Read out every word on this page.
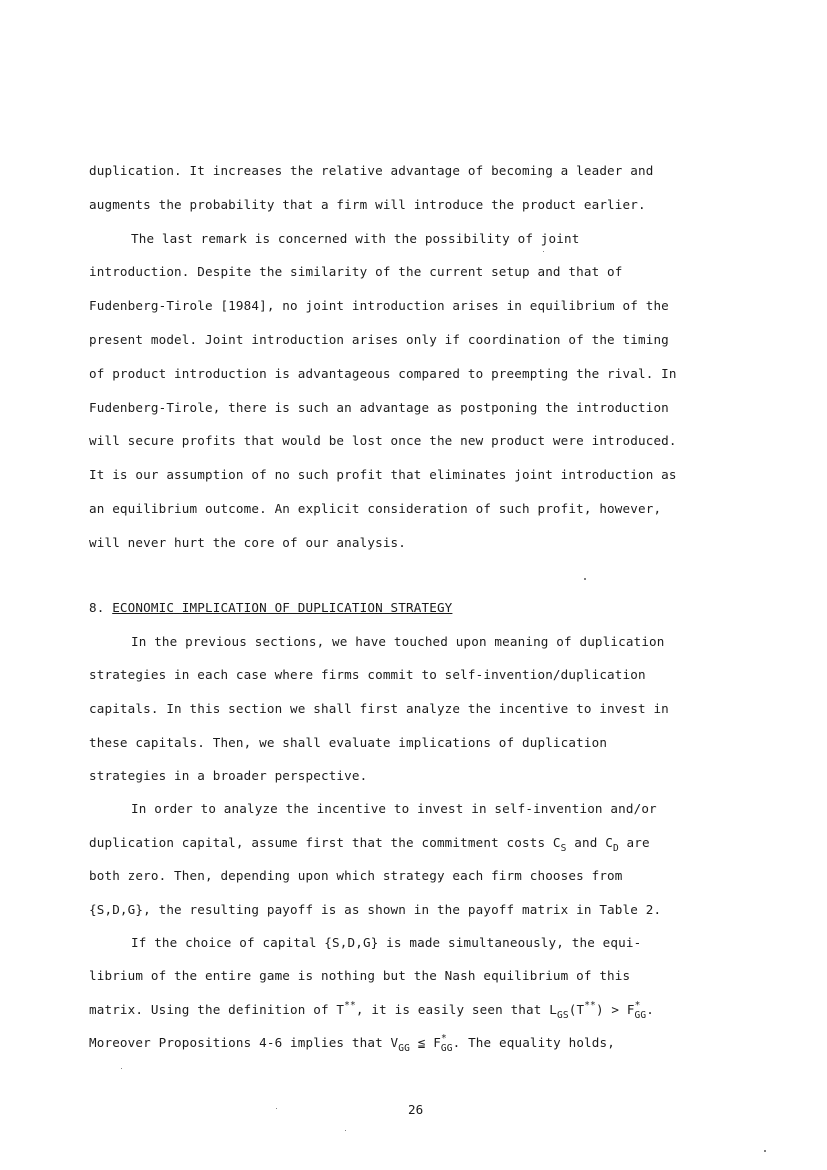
duplication. It increases the relative advantage of becoming a leader and
augments the probability that a firm will introduce the product earlier.
The last remark is concerned with the possibility of joint
introduction. Despite the similarity of the current setup and that of
Fudenberg-Tirole [1984], no joint introduction arises in equilibrium of the
present model. Joint introduction arises only if coordination of the timing
of product introduction is advantageous compared to preempting the rival. In
Fudenberg-Tirole, there is such an advantage as postponing the introduction
will secure profits that would be lost once the new product were introduced.
It is our assumption of no such profit that eliminates joint introduction as
an equilibrium outcome. An explicit consideration of such profit, however,
will never hurt the core of our analysis.
8. ECONOMIC IMPLICATION OF DUPLICATION STRATEGY
In the previous sections, we have touched upon meaning of duplication
strategies in each case where firms commit to self-invention/duplication
capitals. In this section we shall first analyze the incentive to invest in
these capitals. Then, we shall evaluate implications of duplication
strategies in a broader perspective.
In order to analyze the incentive to invest in self-invention and/or
duplication capital, assume first that the commitment costs $C_S$ and $C_D$ are
both zero. Then, depending upon which strategy each firm chooses from
{S,D,G}, the resulting payoff is as shown in the payoff matrix in Table 2.
If the choice of capital {S,D,G} is made simultaneously, the equi-
librium of the entire game is nothing but the Nash equilibrium of this
matrix. Using the definition of T**, it is easily seen that $L_{GS}(T^{**}) > F^*_{GG}$.
Moreover Propositions 4-6 implies that $V_{GG}$ ≦ $F^*_{GG}$. The equality holds,
26
